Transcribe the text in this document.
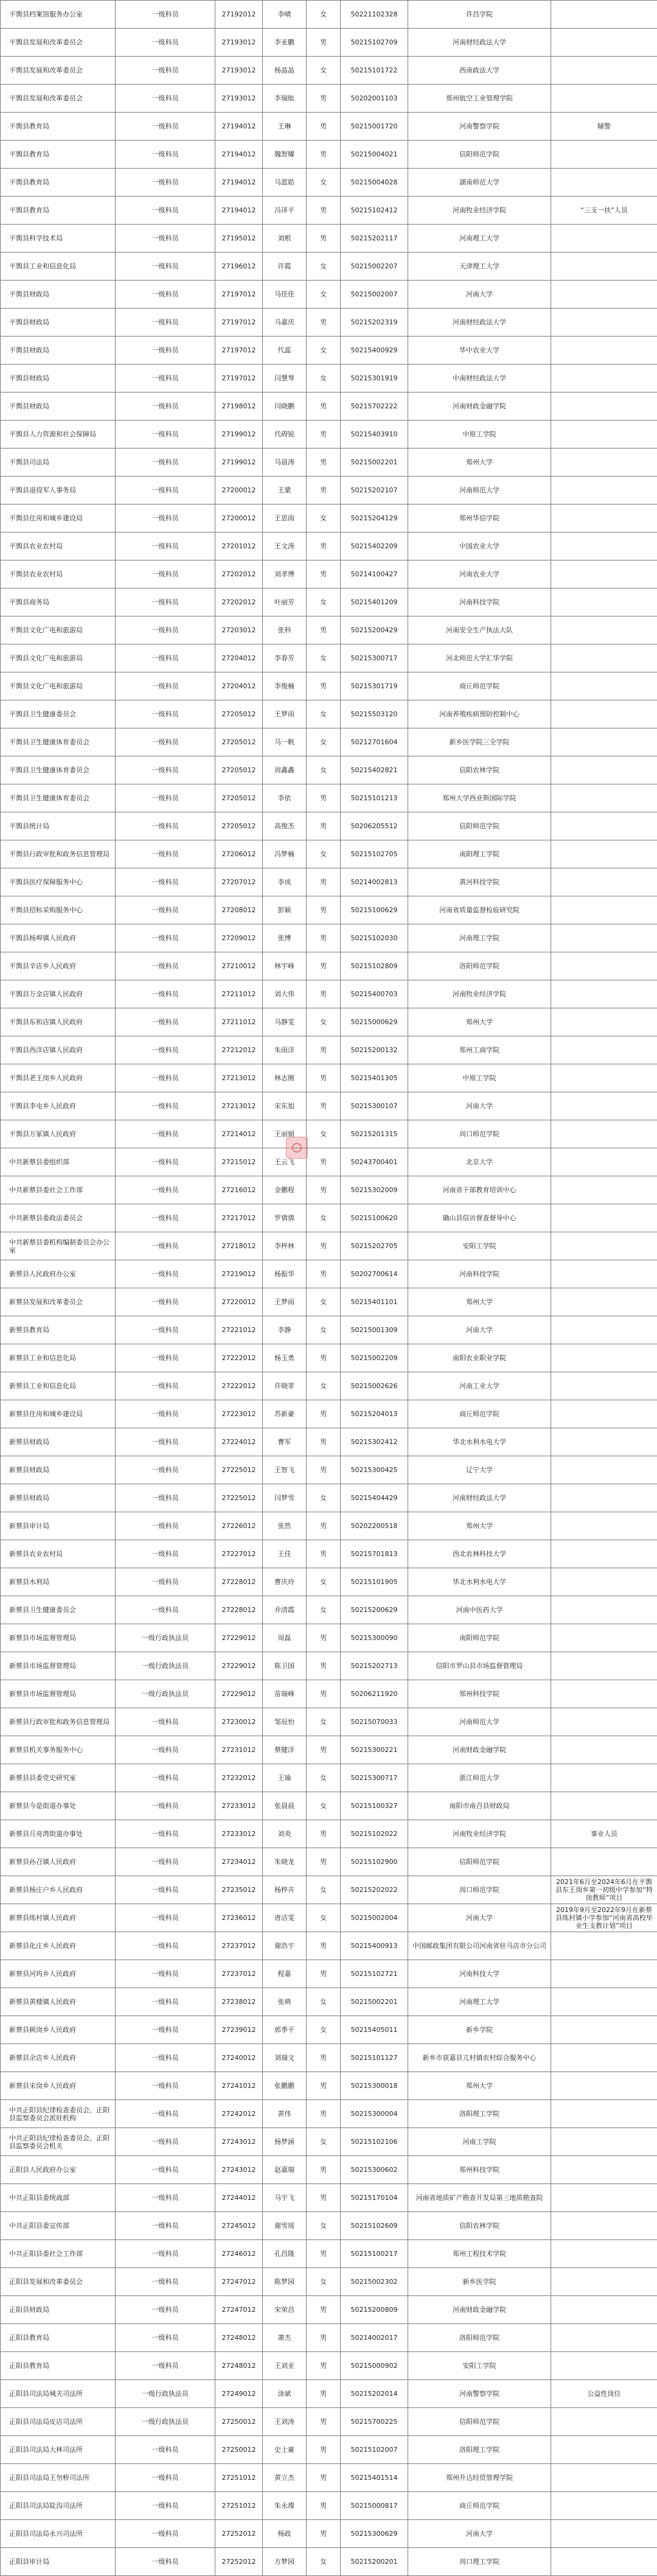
平舆县档案馆服务办公室	一级科员	27192012	李晴	女	50221102328	许昌学院	
平舆县发展和改革委员会	一级科员	27193012	李亚鹏	男	50215102709	河南财经政法大学	
平舆县发展和改革委员会	一级科员	27193012	杨晶晶	女	50215101722	西南政法大学	
平舆县发展和改革委员会	一级科员	27193012	李瑞航	男	50202001103	郑州航空工业管理学院	
平舆县教育局	一级科员	27194012	王琳	男	50215001720	河南警察学院	辅警
平舆县教育局	一级科员	27194012	魏智耀	男	50215004021	信阳师范学院	
平舆县教育局	一级科员	27194012	马蓝皓	女	50215004028	湖南师范大学	
平舆县教育局	一级科员	27194012	冯译平	男	50215102412	河南牧业经济学院	“三支一扶”人员
平舆县科学技术局	一级科员	27195012	刘根	男	50215202117	河南理工大学	
平舆县工业和信息化局	一级科员	27196012	许霞	女	50215002207	天津理工大学	
平舆县财政局	一级科员	27197012	马佳佳	女	50215002007	河南大学	
平舆县财政局	一级科员	27197012	马嘉庆	男	50215202319	河南财经政法大学	
平舆县财政局	一级科员	27197012	代蕊	女	50215400929	华中农业大学	
平舆县财政局	一级科员	27197012	闫慧琴	女	50215301919	中南财经政法大学	
平舆县财政局	一级科员	27198012	闫晓鹏	男	50215702222	河南财政金融学院	
平舆县人力资源和社会保障局	一级科员	27199012	代碍锐	男	50215403910	中原工学院	
平舆县司法局	一级科员	27199012	马晨涛	男	50215002201	郑州大学	
平舆县退役军人事务局	一级科员	27200012	王蒙	男	50215202107	河南师范大学	
平舆县住房和城乡建设局	一级科员	27200012	王思雨	女	50215204129	郑州华信学院	
平舆县农业农村局	一级科员	27201012	王文涛	男	50215402209	中国农业大学	
平舆县农业农村局	一级科员	27202012	刘孝博	男	50214100427	河南农业大学	
平舆县商务局	一级科员	27202012	叶丽芳	女	50215401209	河南科技学院	
平舆县文化广电和旅游局	一级科员	27203012	张科	男	50215200429	河南安全生产执法大队	
平舆县文化广电和旅游局	一级科员	27204012	李春芳	女	50215300717	河北师范大学汇华学院	
平舆县文化广电和旅游局	一级科员	27204012	李俊楠	男	50215301719	商丘师范学院	
平舆县卫生健康委员会	一级科员	27205012	王梦雨	女	50215503120	河南养殖疾病预防控制中心	
平舆县卫生健康体育委员会	一级科员	27205012	马一帆	女	50212701604	新乡医学院三全学院	
平舆县卫生健康体育委员会	一级科员	27205012	周鑫鑫	女	50215402821	信阳农林学院	
平舆县卫生健康体育委员会	一级科员	27205012	李依	男	50215101213	郑州大学西亚斯国际学院	
平舆县统计局	一级科员	27205012	高俊杰	男	50206205512	信阳师范学院	
平舆县行政审批和政务信息管理局	一级科员	27206012	冯梦楠	女	50215102705	南阳理工学院	
平舆县医疗保障服务中心	一级科员	27207012	李成	男	50214002813	黄河科技学院	
平舆县招标采购服务中心	一级科员	27208012	彭颖	男	50215100629	河南省质量监督检验研究院	
平舆县杨埠镇人民政府	一级科员	27209012	张博	男	50215102030	河南理工学院	
平舆县辛店乡人民政府	一级科员	27210012	林宇峰	男	50215102809	洛阳师范学院	
平舆县万金店镇人民政府	一级科员	27211012	刘大伟	男	50215400703	河南牧业经济学院	
平舆县东和店镇人民政府	一级科员	27211012	马静雯	女	50215000629	郑州大学	
平舆县西洋店镇人民政府	一级科员	27212012	朱雨洋	男	50215200132	郑州工商学院	
平舆县老王岗乡人民政府	一级科员	27213012	林志刚	男	50215401305	中原工学院	
平舆县李屯乡人民政府	一级科员	27213012	宋东旭	男	50215300107	河南大学	
平舆县万冢镇人民政府	一级科员	27214012	王丽娟	女	50215201315	周口师范学院	
中共新蔡县委组织部	一级科员	27215012	王云飞	男	50243700401	北京大学	
中共新蔡县委社会工作部	一级科员	27216012	金鹏程	男	50215302009	河南省干部教育培训中心	
中共新蔡县委政法委员会	一级科员	27217012	罗倩倩	女	50215100620	确山县信访督查督导中心	
中共新蔡县委机构编制委员会办公室	一级科员	27218012	李梓林	男	50215202705	安阳工学院	
新蔡县人民政府办公室	一级科员	27219012	杨振华	男	50202700614	河南科技学院	
新蔡县发展和改革委员会	一级科员	27220012	王梦雨	女	50215401101	郑州大学	
新蔡县教育局	一级科员	27221012	李静	女	50215001309	河南大学	
新蔡县工业和信息化局	一级科员	27222012	杨玉勇	男	50215002209	南阳农业职业学院	
新蔡县工业和信息化局	一级科员	27222012	许晓菲	女	50215002626	河南工业大学	
新蔡县住房和城乡建设局	一级科员	27223012	苏新豪	男	50215204013	商丘师范学院	
新蔡县财政局	一级科员	27224012	曹军	男	50215302412	华北水利水电大学	
新蔡县财政局	一级科员	27225012	王智飞	男	50215300425	辽宁大学	
新蔡县财政局	一级科员	27225012	闫梦雪	女	50215404429	河南财经政法大学	
新蔡县审计局	一级科员	27226012	张然	男	50202200518	郑州大学	
新蔡县农业农村局	一级科员	27227012	王佳	男	50215701813	西北农林科技大学	
新蔡县水利局	一级科员	27228012	曹庆玲	女	50215101905	华北水利水电大学	
新蔡县卫生健康委员会	一级科员	27228012	乔清霞	女	50215200629	河南中医药大学	
新蔡县市场监督管理局	一级行政执法员	27229012	周磊	男	50215300090	南阳师范学院	
新蔡县市场监督管理局	一级行政执法员	27229012	陈卫国	男	50215202713	信阳市罗山县市场监督管理局	
新蔡县市场监督管理局	一级行政执法员	27229012	苗瑞峰	男	50206211920	郑州科技学院	
新蔡县行政审批和政务信息管理局	一级科员	27230012	邹辰怡	女	50215070033	河南师范大学	
新蔡县机关事务服务中心	一级科员	27231012	蔡健洋	男	50215300221	河南财政金融学院	
新蔡县县委党史研究室	一级科员	27232012	王瑜	女	50215300717	浙江师范大学	
新蔡县今是街道办事处	一级科员	27233012	张晨晨	女	50215100327	南阳市南召县财政局	
新蔡县月亮湾街道办事处	一级科员	27233012	刘炎	男	50215102022	河南牧业经济学院	事业人员
新蔡县孙召镇人民政府	一级科员	27234012	朱晓龙	男	50215102900	信阳师范学院	
新蔡县杨庄户乡人民政府	一级科员	27235012	杨梓卉	女	50215202022	周口师范学院	2021年6月至2024年6月在平舆县东王岗乡第一初级中学参加“特岗教师”项目
新蔡县练村镇人民政府	一级科员	27236012	唐洁雯	女	50215002004	河南大学	2019年9月至2022年9月在新蔡县练村镇小学参加“河南省高校毕业生支教计划”项目
新蔡县化庄乡人民政府	一级科员	27237012	谢浩宇	男	50215400913	中国邮政集团有限公司河南省驻马店市分公司	
新蔡县河坞乡人民政府	一级科员	27237012	程嘉	男	50215102721	河南科技大学	
新蔡县黄楼镇人民政府	一级科员	27238012	张萌	女	50215002201	河南理工大学	
新蔡县顿岗乡人民政府	一级科员	27239012	郭季平	女	50215405011	新乡学院	
新蔡县余店乡人民政府	一级科员	27240012	刘瑞文	男	50215101127	新乡市获嘉县亢村镇农村综合服务中心	
新蔡县宋岗乡人民政府	一级科员	27241012	张鹏鹏	男	50215300018	郑州大学	
中共正阳县纪律检查委员会、正阳县监察委员会派驻机构	一级科员	27242012	黄伟	男	50215300004	洛阳理工学院	
中共正阳县纪律检查委员会、正阳县监察委员会机关	一级科员	27243012	杨梦涵	女	50215102106	河南工学院	
正阳县人民政府办公室	一级科员	27243012	赵嘉瑞	男	50215300602	郑州科技学院	
中共正阳县委统战部	一级科员	27244012	马宇飞	男	50215170104	河南省地质矿产勘查开发局第三地质勘查院	
中共正阳县委宣传部	一级科员	27245012	谢雪瑶	女	50215102609	信阳农林学院	
中共正阳县委社会工作部	一级科员	27246012	孔昌隆	男	50215100217	郑州工程技术学院	
正阳县发展和改革委员会	一级科员	27247012	陈梦园	女	50215002302	新乡医学院	
正阳县财政局	一级科员	27247012	宋荣昌	男	50215200809	河南财政金融学院	
正阳县教育局	一级科员	27248012	萧杰	男	50214002017	洛阳师范学院	
正阳县教育局	一级科员	27248012	王刘亚	男	50215000902	安阳工学院	
正阳县司法局城关司法所	一级行政执法员	27249012	涂斌	男	50215202014	河南警察学院	公益性岗位
正阳县司法局皮店司法所	一级行政执法员	27250012	王刘涛	男	50215700225	信阳师范学院	
正阳县司法局大林司法所	一级科员	27250012	史士豪	男	50215102007	洛阳理工学院	
正阳县司法局王勿桥司法所	一级科员	27251012	黄立杰	男	50215401514	郑州升达经贸管理学院	
正阳县司法局陡沟司法所	一级科员	27251012	朱永璨	男	50215000817	商丘师范学院	
正阳县司法局永兴司法所	一级科员	27252012	杨政	男	50215300629	河南大学	
正阳县审计局	一级科员	27252012	方梦园	女	50215200201	周口理工学院	
